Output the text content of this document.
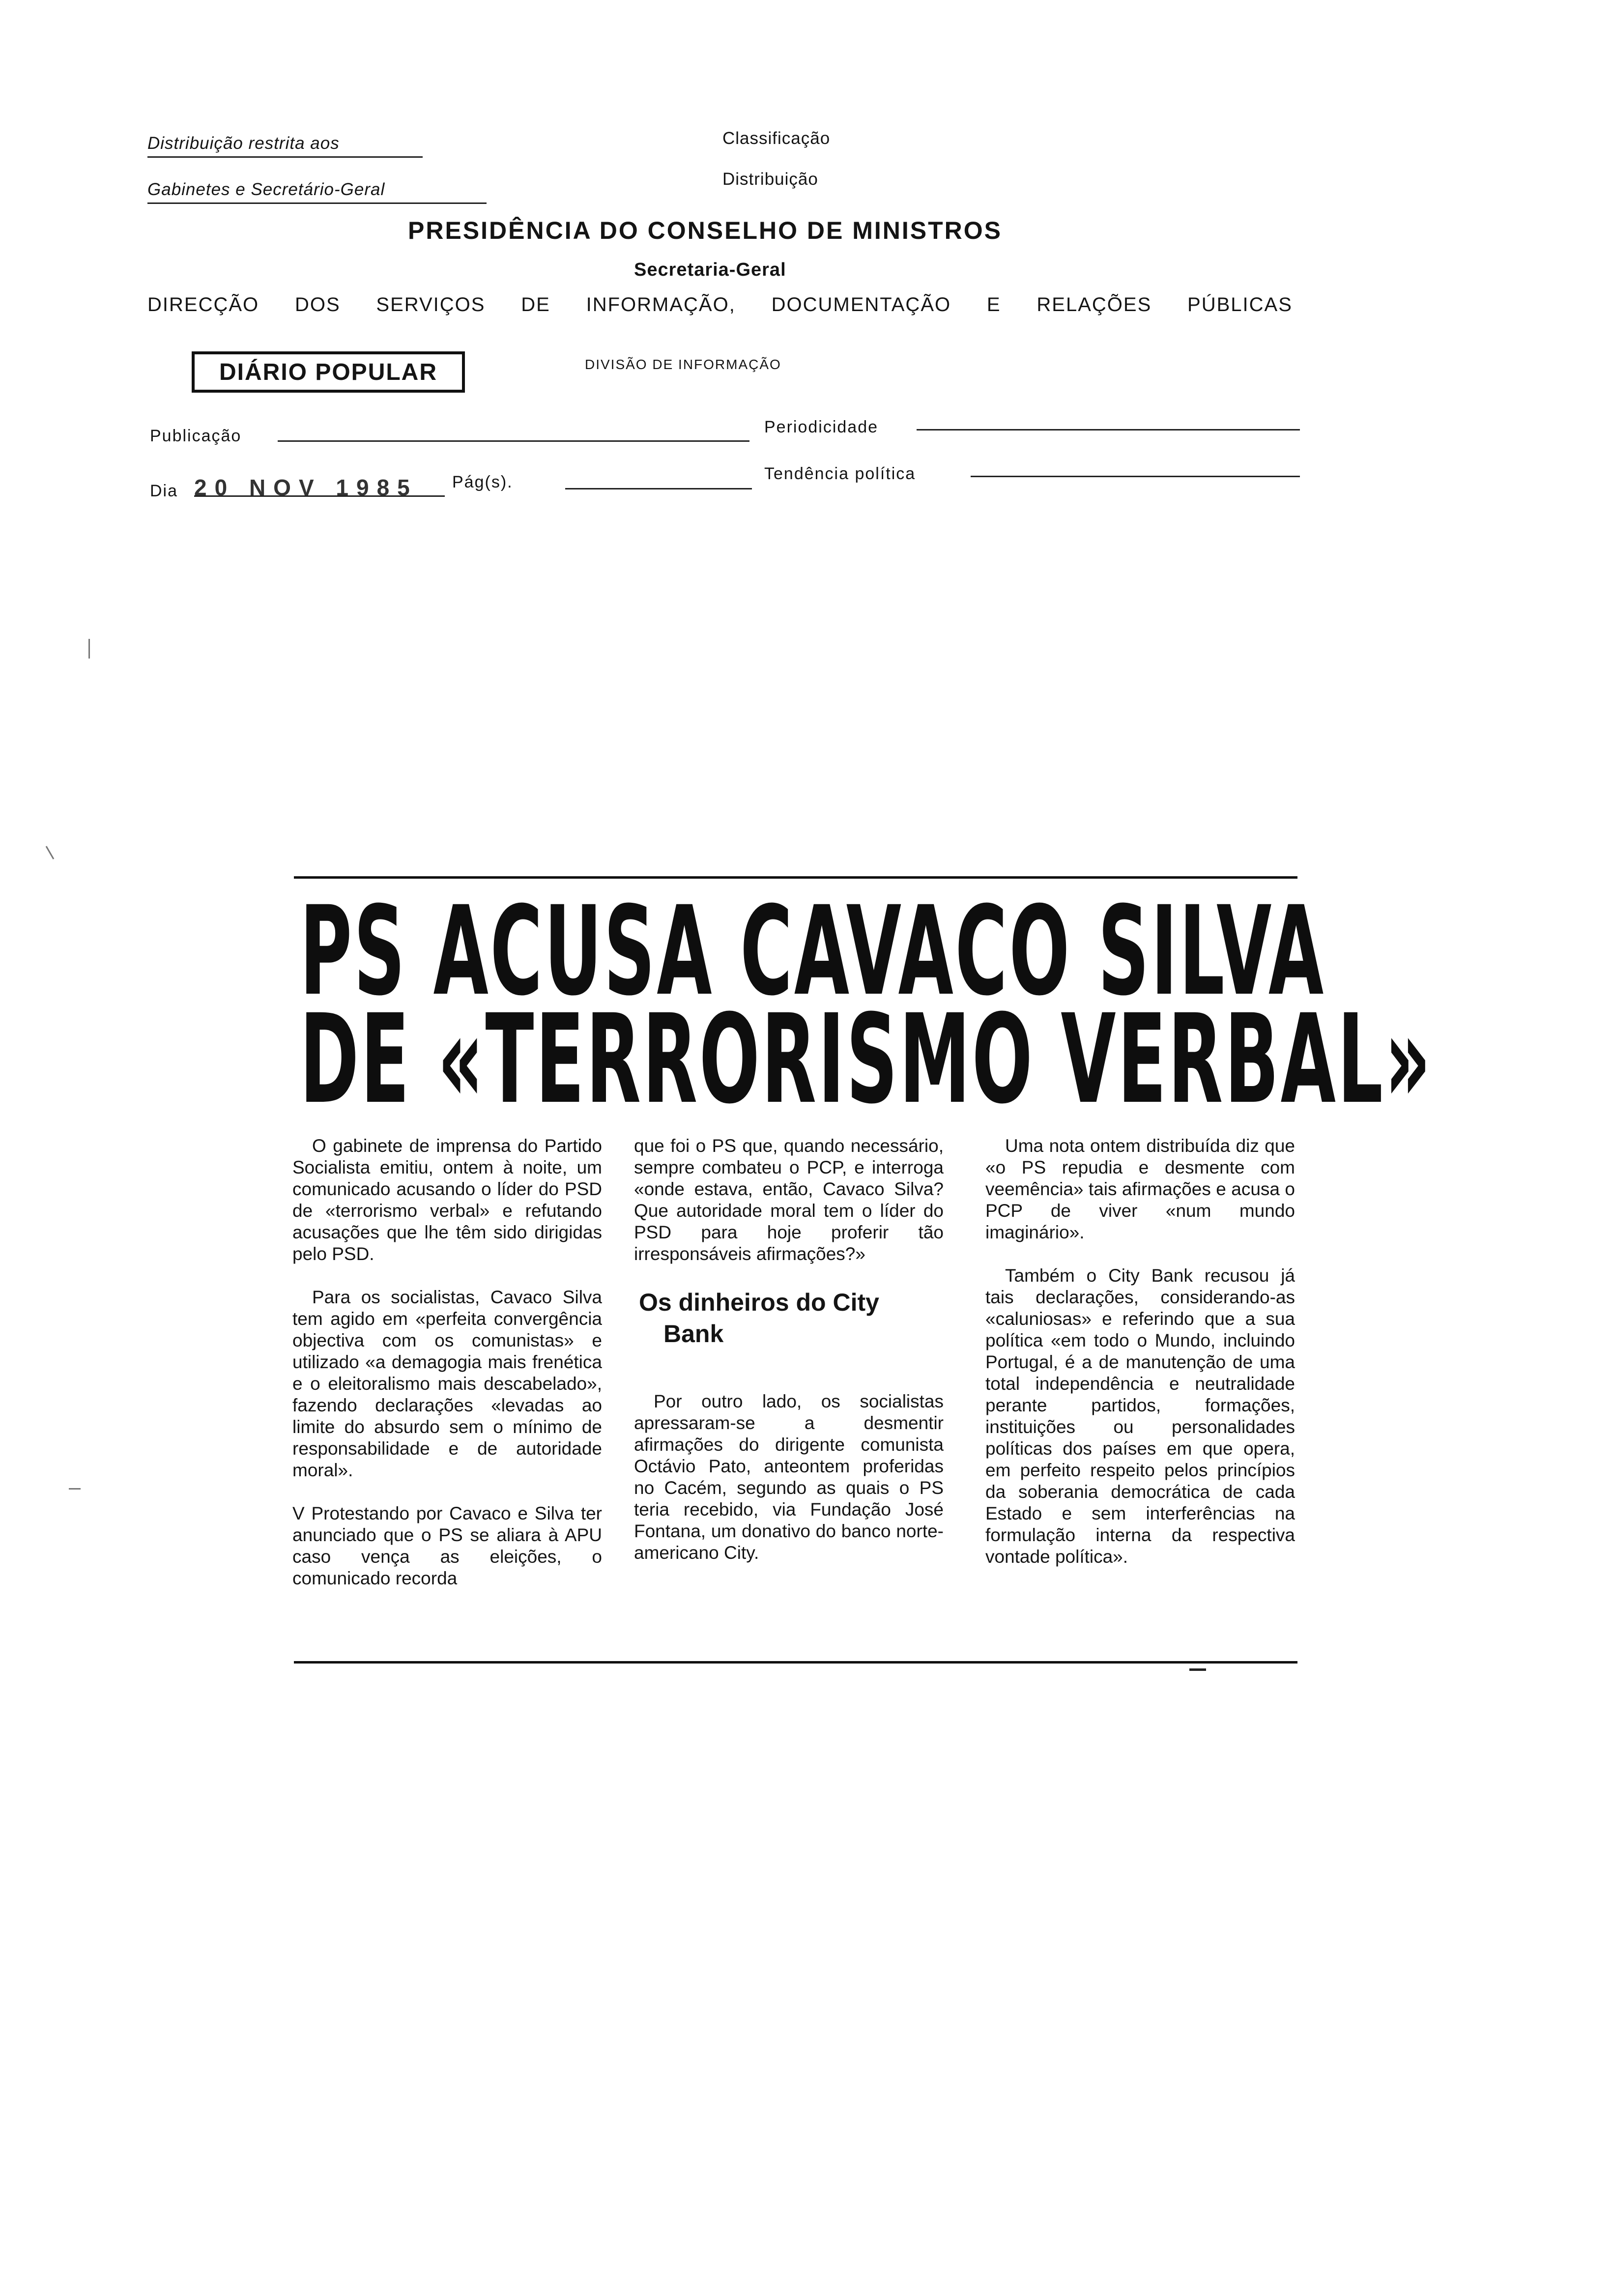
Distribuição restrita aos
Gabinetes e Secretário-Geral
Classificação
Distribuição
PRESIDÊNCIA DO CONSELHO DE MINISTROS
Secretaria-Geral
DIRECÇÃO DOS SERVIÇOS DE INFORMAÇÃO, DOCUMENTAÇÃO E RELAÇÕES PÚBLICAS
DIÁRIO POPULAR	DIVISÃO DE INFORMAÇÃO
Publicação	Periodicidade
Dia 20 NOV 1985 Pág(s).	Tendência política
PS ACUSA CAVACO SILVA
DE «TERRORISMO VERBAL»

O gabinete de imprensa do Partido Socialista emitiu, ontem à noite, um comunicado acusando o líder do PSD de «terrorismo verbal» e refutando acusações que lhe têm sido dirigidas pelo PSD.

Para os socialistas, Cavaco Silva tem agido em «perfeita convergência objectiva com os comunistas» e utilizado «a demagogia mais frenética e o eleitoralismo mais descabelado», fazendo declarações «levadas ao limite do absurdo sem o mínimo de responsabilidade e de autoridade moral».

V Protestando por Cavaco e Silva ter anunciado que o PS se aliara à APU caso vença as eleições, o comunicado recorda

que foi o PS que, quando necessário, sempre combateu o PCP, e interroga «onde estava, então, Cavaco Silva? Que autoridade moral tem o líder do PSD para hoje proferir tão irresponsáveis afirmações?»

Os dinheiros do City
Bank

Por outro lado, os socialistas apressaram-se a desmentir afirmações do dirigente comunista Octávio Pato, anteontem proferidas no Cacém, segundo as quais o PS teria recebido, via Fundação José Fontana, um donativo do banco norte-americano City.

Uma nota ontem distribuída diz que «o PS repudia e desmente com veemência» tais afirmações e acusa o PCP de viver «num mundo imaginário».

Também o City Bank recusou já tais declarações, considerando-as «caluniosas» e referindo que a sua política «em todo o Mundo, incluindo Portugal, é a de manutenção de uma total independência e neutralidade perante partidos, formações, instituições ou personalidades políticas dos países em que opera, em perfeito respeito pelos princípios da soberania democrática de cada Estado e sem interferências na formulação interna da respectiva vontade política».
